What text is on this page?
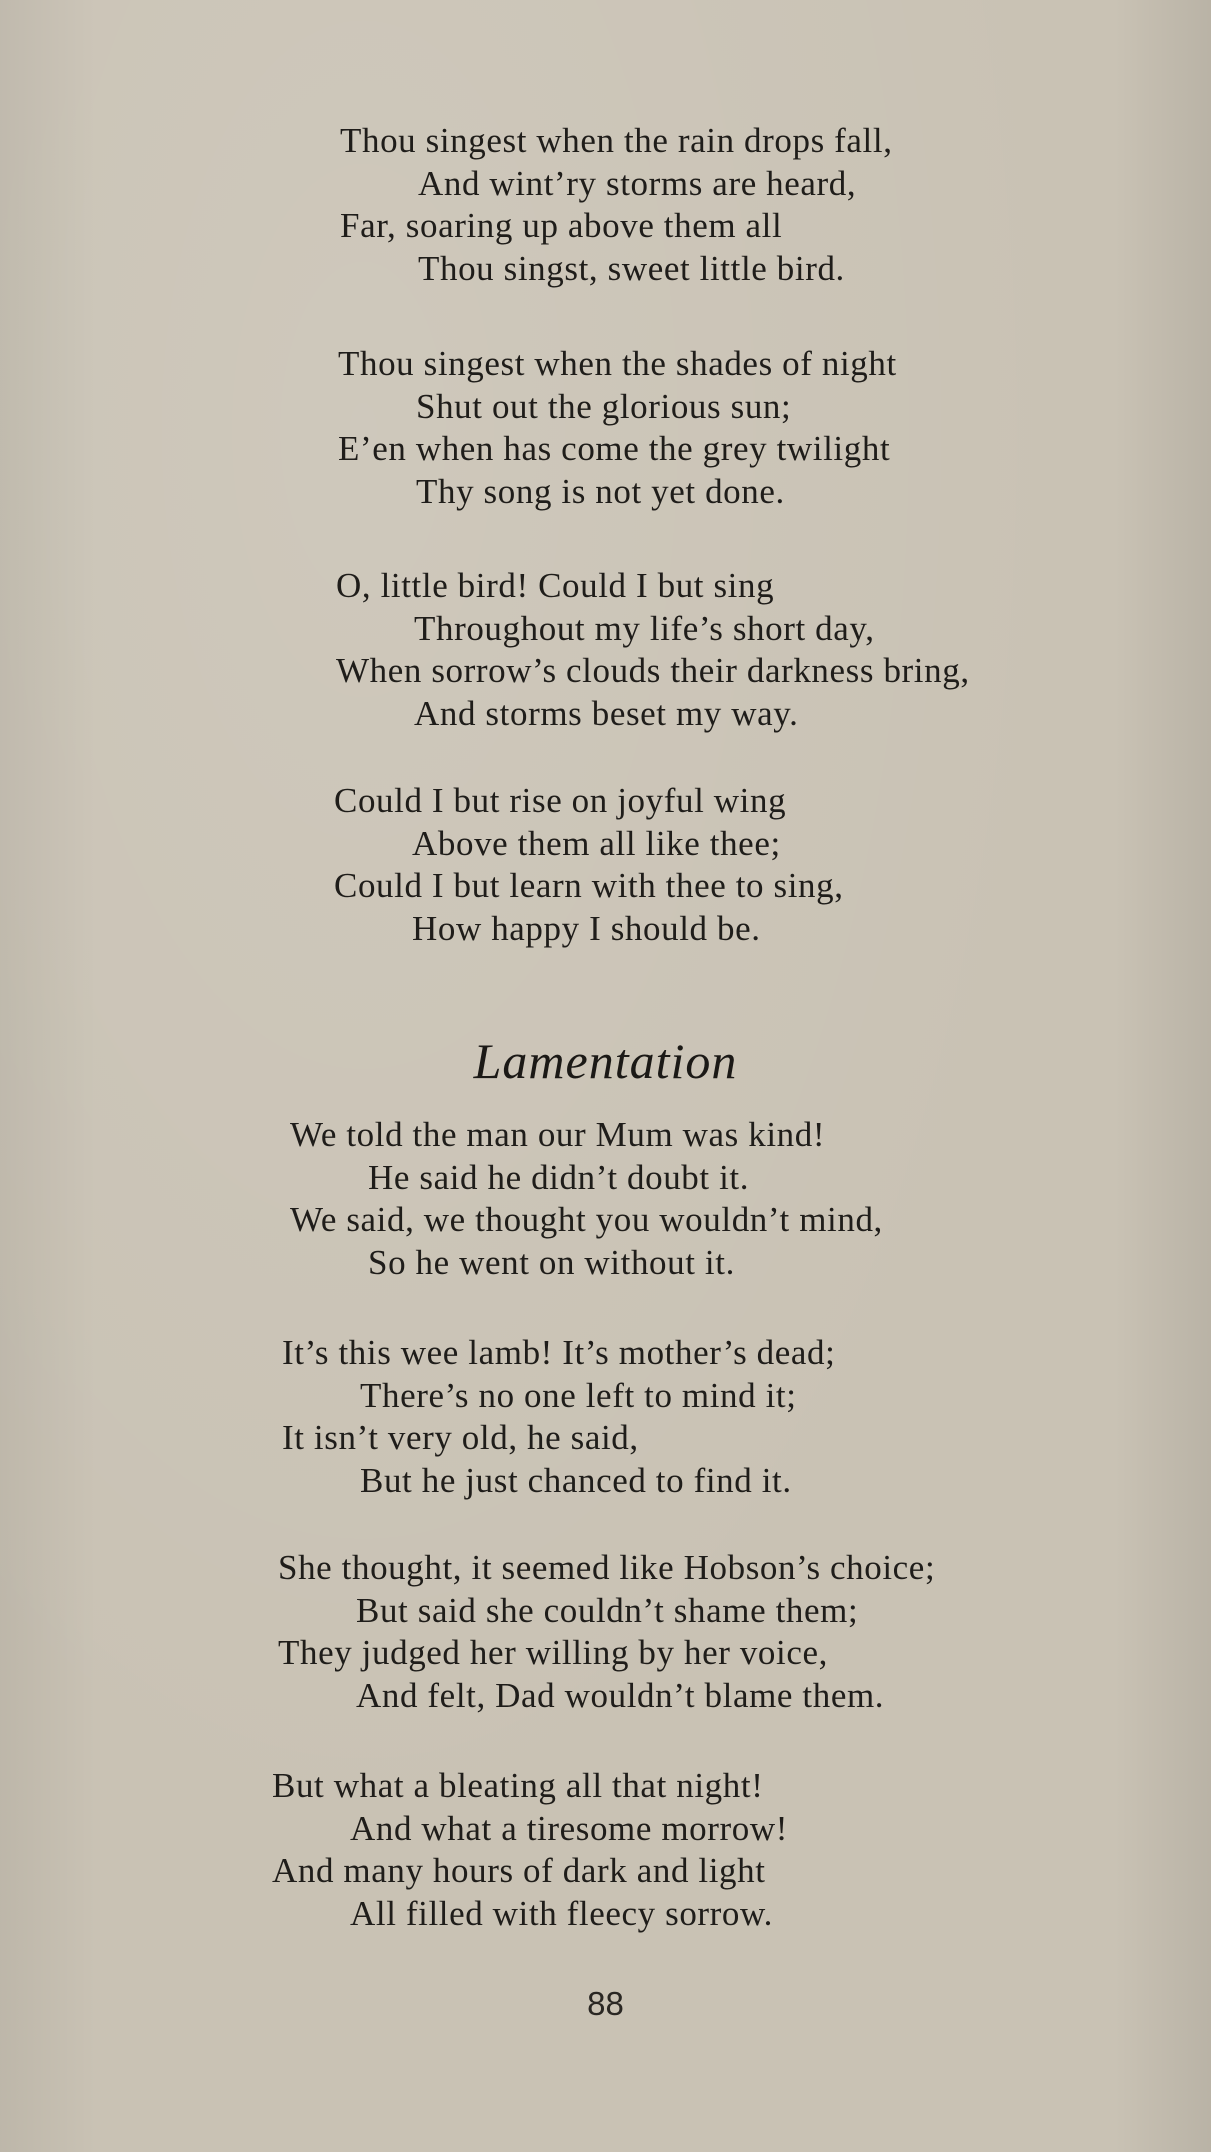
Thou singest when the rain drops fall,
And wint’ry storms are heard,
Far, soaring up above them all
Thou singst, sweet little bird.
Thou singest when the shades of night
Shut out the glorious sun;
E’en when has come the grey twilight
Thy song is not yet done.
O, little bird! Could I but sing
Throughout my life’s short day,
When sorrow’s clouds their darkness bring,
And storms beset my way.
Could I but rise on joyful wing
Above them all like thee;
Could I but learn with thee to sing,
How happy I should be.
Lamentation
We told the man our Mum was kind!
He said he didn’t doubt it.
We said, we thought you wouldn’t mind,
So he went on without it.
It’s this wee lamb! It’s mother’s dead;
There’s no one left to mind it;
It isn’t very old, he said,
But he just chanced to find it.
She thought, it seemed like Hobson’s choice;
But said she couldn’t shame them;
They judged her willing by her voice,
And felt, Dad wouldn’t blame them.
But what a bleating all that night!
And what a tiresome morrow!
And many hours of dark and light
All filled with fleecy sorrow.
88
